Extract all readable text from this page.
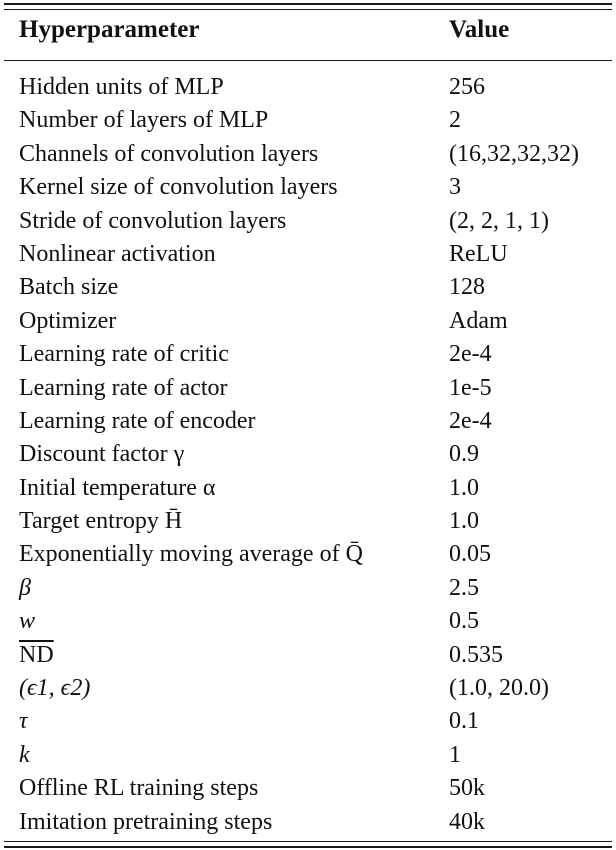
Hyperparameter	Value
Hidden units of MLP	256
Number of layers of MLP	2
Channels of convolution layers	(16,32,32,32)
Kernel size of convolution layers	3
Stride of convolution layers	(2, 2, 1, 1)
Nonlinear activation	ReLU
Batch size	128
Optimizer	Adam
Learning rate of critic	2e-4
Learning rate of actor	1e-5
Learning rate of encoder	2e-4
Discount factor γ	0.9
Initial temperature α	1.0
Target entropy H̄	1.0
Exponentially moving average of Q̄	0.05
β	2.5
w	0.5
$\overline{ND}$	0.535
(ϵ1, ϵ2)	(1.0, 20.0)
τ	0.1
k	1
Offline RL training steps	50k
Imitation pretraining steps	40k
